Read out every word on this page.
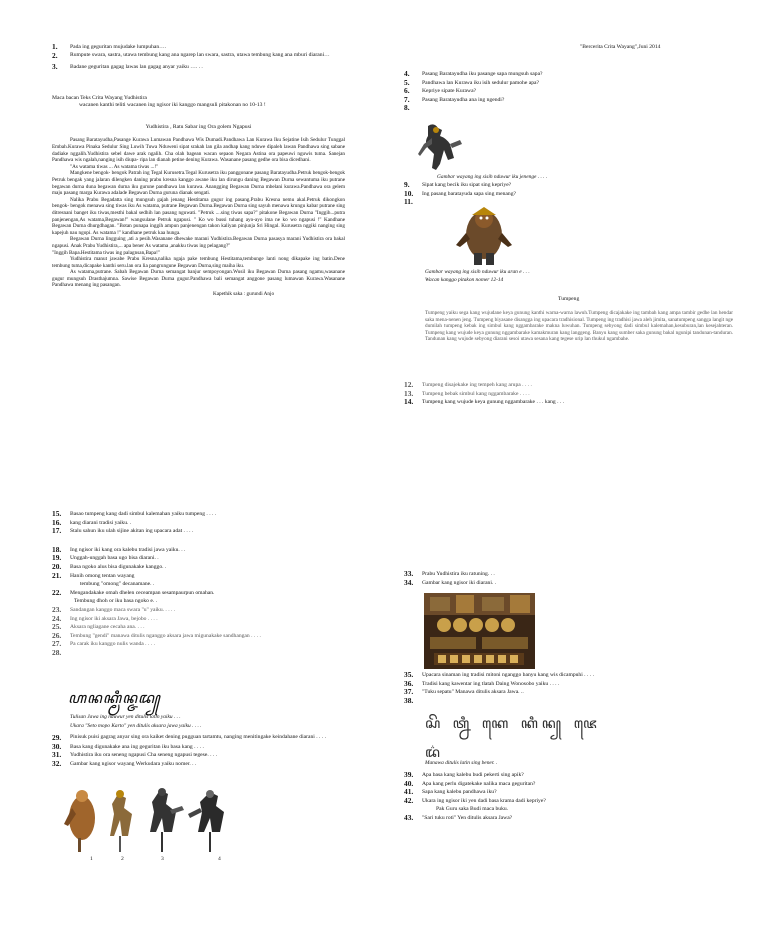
1.	Pada ing geguritan mujudake lumpuhan….
2.	Rumpute swara, sastra, utawa tembung kang ana ngarep lan swara, sastra, utawa tembung kang ana mburi diarani…
3.	Badane geguritan gagag lawas lan gagag anyar yaiku …. . .
Maca bacan Teks Crita Wayang Yudhistira
wacanen kanthi teliti wacanen ing ngisor iki kanggo mangsuli pitakonan no 10-13 !
Yudhistira , Ratu Sabar ing Ora golem Ngapusi
Pasang Baratayudha,Pasange Kurawa Lumawan Pandhawa Wis Dumadi.Pandhawa Lan Kurawa Iku Sejatine Isih Sedulur Tunggal Embah.Kurawa Pinaka Sedulur Sing Luwih Tuwa Nduweni sipat srakah lan gila andhap kang nduwe dipaleh lawan Pandhawa sing sabane dadiake nggalih.Yudhistira sebel dawe arak ngalih. Cha olah bagean wacan sepaon Negara Astina ora papeuwi nguwis tuma. Sanejan Pandhawa wis ngalah,nanging isih diupa- ripa lan dianah petine dening Kurawa. Wasanane pasang gedhe ora bisa dicedhani.
"As watama tiwas ... As watama tiwas ...!"
Mangkene bengok- bengok Patrah ing Tegal Kurusetra.Tegal Kurusetra iku panggonane pasang Baratayudha.Petruk bengok-bengok Petruk bengak yang jalaran dilengken daning prabu kresna kanggo awane iku lan dirungu daning Begawan Durna sewantuma iku putrane begawan durna duna begawan durna iku gurune pandhawa lan kurawa. Anangging Begawan Durna mbelani kurawa.Pandhawa ora gelem maju pasang marga Kurawa adalade Begawan Durna guruna dianak sengati.
Nalika Prabu Begadatta sing mungsuh gajah jenang Hestitama gugur ing pasang.Prabu Kresna nemu akal.Petruk dikongkon bengok- bengok menawa sing tiwas iku As watama, putrane Begawan Durna.Begawan Durna sing sayuh menawa krungu kabar putrane sing ditresnani banget iku tiwas,mesthi bakal sedhih lan pasang nguwati. "Petruk ....sing tiwas sapa?" pitakone Begawan Durna "Inggih...putra panjenengan,As watama,Begawan!" wangsulane Petruk ngapusi. " Ko wo bussi tuhang ayo-ayo ima ne ko wo ngapusi !" Kandhane Begawan Durna dhurgdhagan. "Botan punapa inggih ampun panjenengan takon kaliyan pinjunja Sri Hingal. Kurusetra nggiki nanging sing kapejuh nau ngopi. As watama !" kandhane petruk kaa hunga.
Begawan Durna lingguing ,ati a pesih.Wasanane dhewake marani Yudhistira.Begawan Durna pasasya marani Yudhistira ora bakal ngapusi. Anak Prabu Yudhistira,... apa bener As watama ,anakku tiwas ing pelagang?"
"Inggih Bapa.Hestitama tiwas ing palagnsan,Bapa!"
Yudhistira manut jawabe Prabu Kresna,nalika ngaja pake tembung Hestitama,tembunge lanti nong dikapake ing batin.Dene tembung tuma,dicapake kanthi seru.lan ora lia pangrungune Begawan Durna,sing maiha iku.
As watama,putrane. Sabah Begawan Durna semangat banjur sempoyongan.Wusil iku Begawan Durna pasang ngamu,wasanane gugur mungsuh Drasthajumna. Sawise Begawan Durna gugur.Pandhawa bali semangat anggone pasang lumawan Kurawa.Wasanane Pandhawa menang ing pasangan.
Kapethik saka : gurundi Anjo
"Bercerita Crita Wayang",Juni 2014
4.	Pasang Baratayudha iku pasange sapa mungsuh sapa?
5.	Pandhawa lan Kurawa iku isih sedulur pamohe apa?
6.	Kepriye sipate Kurawa?
7.	Pasang Baratayudha ana ing ngendi?
8.
Gambar wayang ing sisih nduwur iku jenenge . . . .
9.	Sipat kang becik iku sipat sing kepriye?
10.	Ing pasang baratayuda sapa sing menang?
11.
Gambar wayang ing sisih nduwur iku aran e . . .
Wacan kanggo pitakon nomer 12-14
Tumpeng
Tumpeng yaiku sega kang wujudane keya gunung kanthi warna-warna lawuh.Tumpeng dicajakake ing tambah kang ampa tambir gedhe lan hendar saka mena-nenen jeng. Tumpeng biyasane disangga ing upacara tradhisional. Tumpeng ing tradhisi jawa aleh jimita, sanatumpeng sangga langit nge dumilah tumpeng kebak ing simbul kang nggambarake makna luwuhan. Tumpeng sebyong dadi simbul kalemahan,kesuburan,lan kesejahteran. Tumpeng kang wujude keya gunung nggambarake kamakmuran kang langgeng. Banyu kang sumber saka gunung bakal ngunipi tandunan-tanduran. Tandunan kang wujude sebyong diarani sesoi utawa sesana kang tegese urip lan thukul ngambahe.
12.	Tumpeng disajekake ing tempeh kang arupa . . . .
13.	Tumpeng bebak simbul kang nggambarake . . . .
14.	Tumpeng kang wujude keya gunung nggambarake . . . kang . . .
15.	Basao tumpeng kang dadi simbul kalemahan yaiku tumpeng . . . .
16.	kang diarani tradisi yaiku. .
17.	Stalu sahun iku ulah sijine akitan ing upacara adat . . . .
18.	Ing ngisor iki kang ora kalebu tradisi jawa yaiku. . .
19.	Unggah-unggah basa ugo bisa diarani. .
20.	Basa ngoko alus bisa digunakake kanggo. .
21.	Hanih omong tentan wayang
tembung "omong" decanamane. .
22.	Mengandakake omah dhelen ceceampan sesampaurpun omahan.
Tembung dhoh or iku basa ngoko e. .
23.	Sandangan kanggo maca swara "u" yaiku. . . . .
24.	Ing ngisor iki aksara Jawa, bejobo . . . .
25.	Aksara ngliagane cecaha ana. . . .
26.	Tembung "gendi" manawa ditulis nganggo aksara jawa migunakake sandhangan . . . .
27.	Pa carak iku kanggo nulis wanda . . . .
28.
ꦲꦤꦏ꧀ꦩꦶꦤ꧀ꦗꦢ꧀
Tulisan Jawa ing nduwur yen ditulis latin yaiku . . .
Ukara "Seto mopo Karto" yen ditulis aksara jawa yaiku . . . .
29.	Pinisuk puisi gagrag anyar sing ora kaiket dening pugguan tartamtu, nanging menitingake keindahane diarani . . . .
30.	Basa kang digunakake ana ing geguritan iku basa kang . . . .
31.	Yudhistira iku ora seneng ngapusi Cha seneng ngapusi tegese. . . .
32.	Gambar kang ngisor wayang Werkudara yaiku nomer. . .
1	2	3	4
33.	Prabu Yudhistira iku ratuning. . .
34.	Gambar kang ngisor iki diarani. .
35.	Upacara sinaman ing tradisi mitoni nganggo banyu kang wis dicampuhi . . . .
36.	Tradisi kang kawentar ing tlatah Daing Wonosobo yaiku . . . .
37.	"Tuku sepatu" Manawa ditulis aksara Jawa. ..
38.
ꦱꦼ ꦠ꧀ꦤꦶ ꦏꦺ ꦏꦶꦤ꧀ ꦗꦺ ꦢ꦳
Manawa ditulis latin sing bener. .
39.	Apa basa kang kalebu budi pekerti sing apik?
40.	Apa kang perlu digatekake nalika maca geguritan?
41.	Sapa kang kalebu pandhawa iku?
42.	Ukara ing ngisor iki yen dadi basa krama dadi kepriye?
Pak Guru saka Budi maca buku.
43.	"Sari tuku roti" Yen ditulis aksara Jawa?
